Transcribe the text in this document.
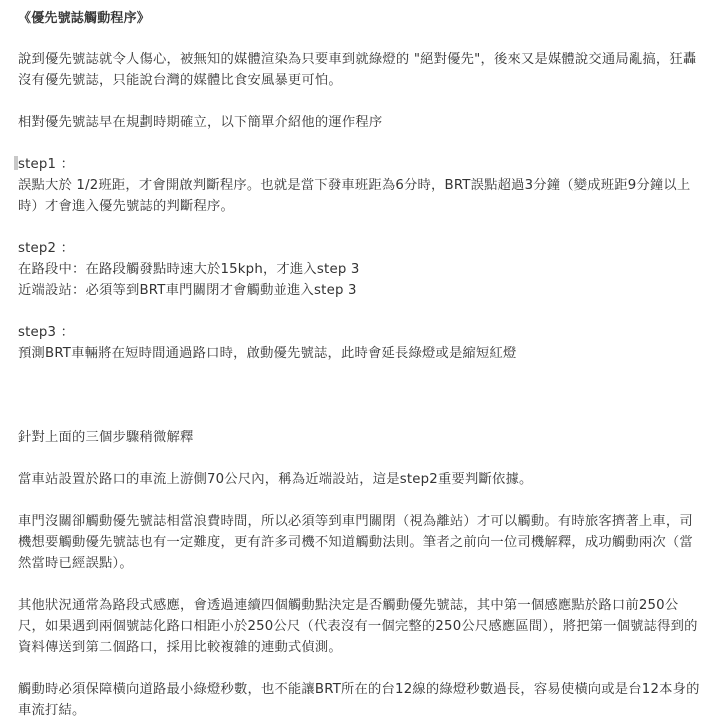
《優先號誌觸動程序》

說到優先號誌就令人傷心，被無知的媒體渲染為只要車到就綠燈的 "絕對優先"，後來又是媒體說交通局亂搞，狂轟沒有優先號誌，只能說台灣的媒體比食安風暴更可怕。

相對優先號誌早在規劃時期確立，以下簡單介紹他的運作程序

step1 ：

誤點大於 1/2班距，才會開啟判斷程序。也就是當下發車班距為6分時，BRT誤點超過3分鐘（變成班距9分鐘以上時）才會進入優先號誌的判斷程序。

step2 ：

在路段中：在路段觸發點時速大於15kph，才進入step 3

近端設站：必須等到BRT車門關閉才會觸動並進入step 3

step3 ：

預測BRT車輛將在短時間通過路口時，啟動優先號誌，此時會延長綠燈或是縮短紅燈

針對上面的三個步驟稍微解釋

當車站設置於路口的車流上游側70公尺內，稱為近端設站，這是step2重要判斷依據。

車門沒關卻觸動優先號誌相當浪費時間，所以必須等到車門關閉（視為離站）才可以觸動。有時旅客擠著上車，司機想要觸動優先號誌也有一定難度，更有許多司機不知道觸動法則。筆者之前向一位司機解釋，成功觸動兩次（當然當時已經誤點）。

其他狀況通常為路段式感應，會透過連續四個觸動點決定是否觸動優先號誌，其中第一個感應點於路口前250公尺，如果遇到兩個號誌化路口相距小於250公尺（代表沒有一個完整的250公尺感應區間），將把第一個號誌得到的資料傳送到第二個路口，採用比較複雜的連動式偵測。

觸動時必須保障橫向道路最小綠燈秒數，也不能讓BRT所在的台12線的綠燈秒數過長，容易使橫向或是台12本身的車流打結。
